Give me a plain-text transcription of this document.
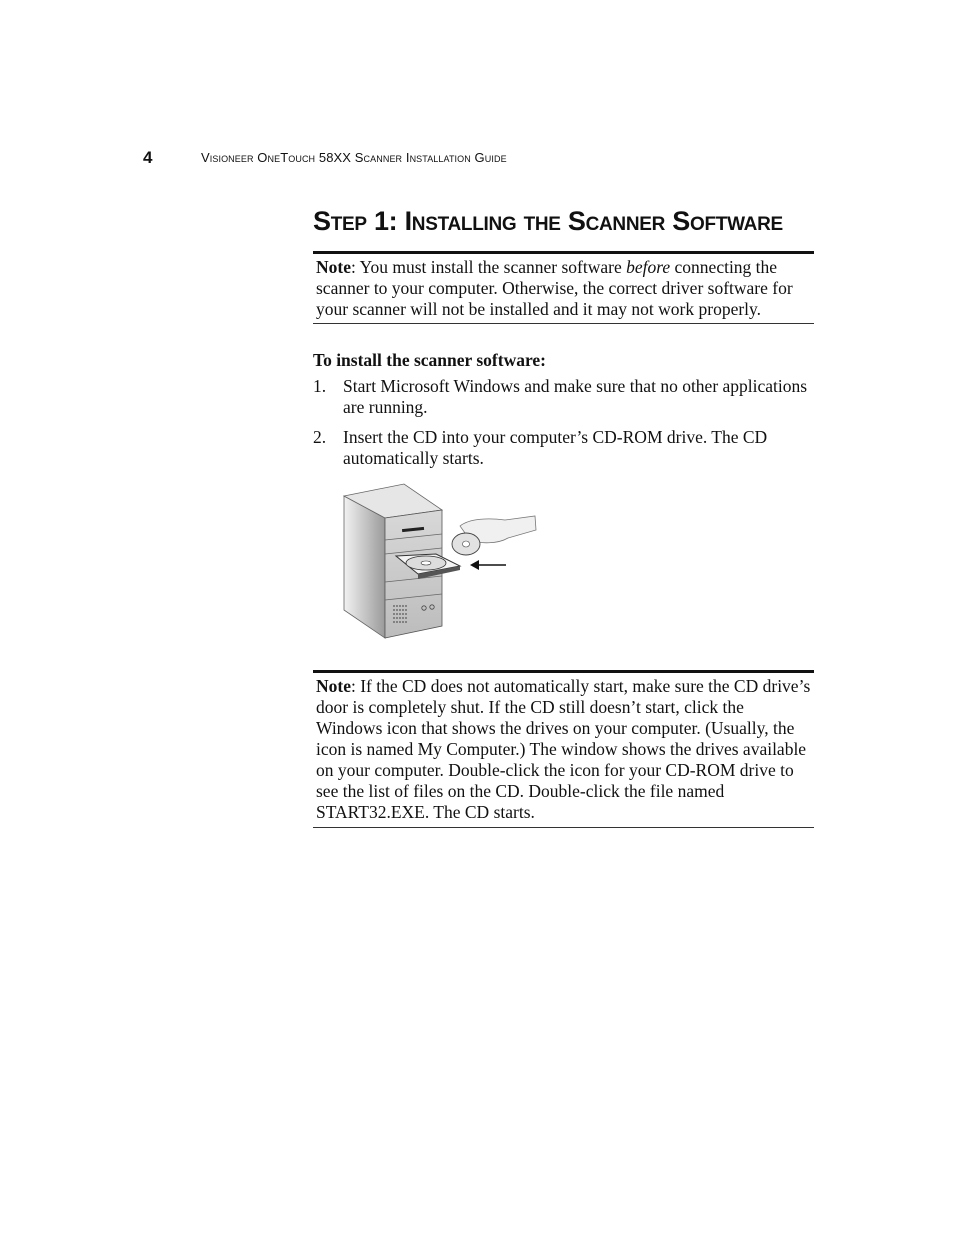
4	Visioneer OneTouch 58XX Scanner Installation Guide
Step 1: Installing the Scanner Software
Note: You must install the scanner software before connecting the scanner to your computer. Otherwise, the correct driver software for your scanner will not be installed and it may not work properly.

To install the scanner software:

1. Start Microsoft Windows and make sure that no other applications are running.
2. Insert the CD into your computer’s CD-ROM drive. The CD automatically starts.
Note: If the CD does not automatically start, make sure the CD drive’s door is completely shut. If the CD still doesn’t start, click the Windows icon that shows the drives on your computer. (Usually, the icon is named My Computer.) The window shows the drives available on your computer. Double-click the icon for your CD-ROM drive to see the list of files on the CD. Double-click the file named START32.EXE. The CD starts.
